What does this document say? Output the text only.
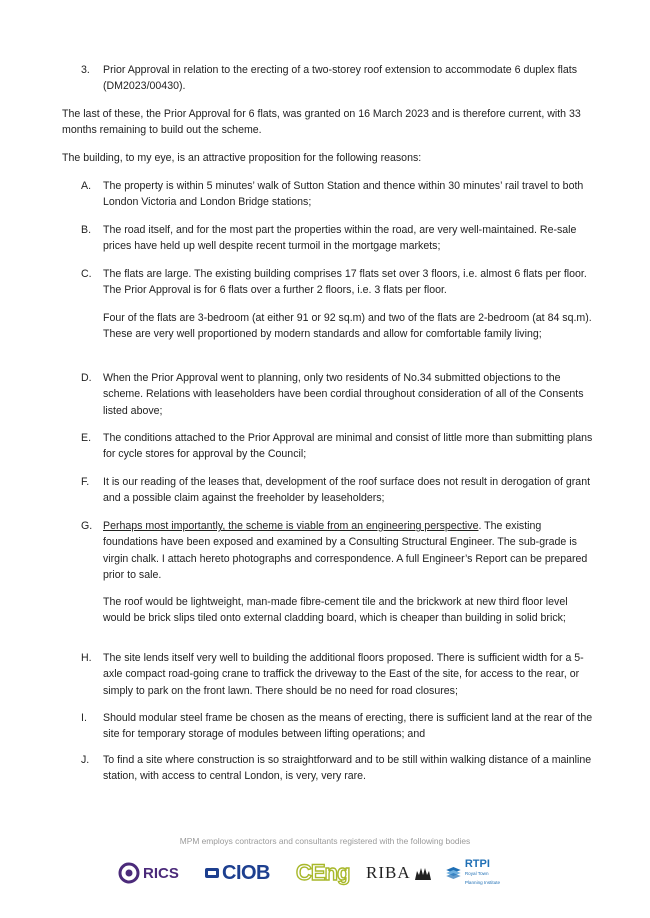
3. Prior Approval in relation to the erecting of a two-storey roof extension to accommodate 6 duplex flats (DM2023/00430).

The last of these, the Prior Approval for 6 flats, was granted on 16 March 2023 and is therefore current, with 33 months remaining to build out the scheme.

The building, to my eye, is an attractive proposition for the following reasons:

A. The property is within 5 minutes’ walk of Sutton Station and thence within 30 minutes’ rail travel to both London Victoria and London Bridge stations;
B. The road itself, and for the most part the properties within the road, are very well-maintained. Re-sale prices have held up well despite recent turmoil in the mortgage markets;
C. The flats are large. The existing building comprises 17 flats set over 3 floors, i.e. almost 6 flats per floor. The Prior Approval is for 6 flats over a further 2 floors, i.e. 3 flats per floor.
Four of the flats are 3-bedroom (at either 91 or 92 sq.m) and two of the flats are 2-bedroom (at 84 sq.m). These are very well proportioned by modern standards and allow for comfortable family living;
D. When the Prior Approval went to planning, only two residents of No.34 submitted objections to the scheme. Relations with leaseholders have been cordial throughout consideration of all of the Consents listed above;
E. The conditions attached to the Prior Approval are minimal and consist of little more than submitting plans for cycle stores for approval by the Council;
F. It is our reading of the leases that, development of the roof surface does not result in derogation of grant and a possible claim against the freeholder by leaseholders;
G. Perhaps most importantly, the scheme is viable from an engineering perspective. The existing foundations have been exposed and examined by a Consulting Structural Engineer. The sub-grade is virgin chalk. I attach hereto photographs and correspondence. A full Engineer’s Report can be prepared prior to sale.
The roof would be lightweight, man-made fibre-cement tile and the brickwork at new third floor level would be brick slips tiled onto external cladding board, which is cheaper than building in solid brick;
H. The site lends itself very well to building the additional floors proposed. There is sufficient width for a 5-axle compact road-going crane to traffick the driveway to the East of the site, for access to the rear, or simply to park on the front lawn. There should be no need for road closures;
I. Should modular steel frame be chosen as the means of erecting, there is sufficient land at the rear of the site for temporary storage of modules between lifting operations; and
J. To find a site where construction is so straightforward and to be still within walking distance of a mainline station, with access to central London, is very, very rare.
MPM employs contractors and consultants registered with the following bodies
RICS CIOB CEng RIBA	RTPI
Royal Town Planning Institute
